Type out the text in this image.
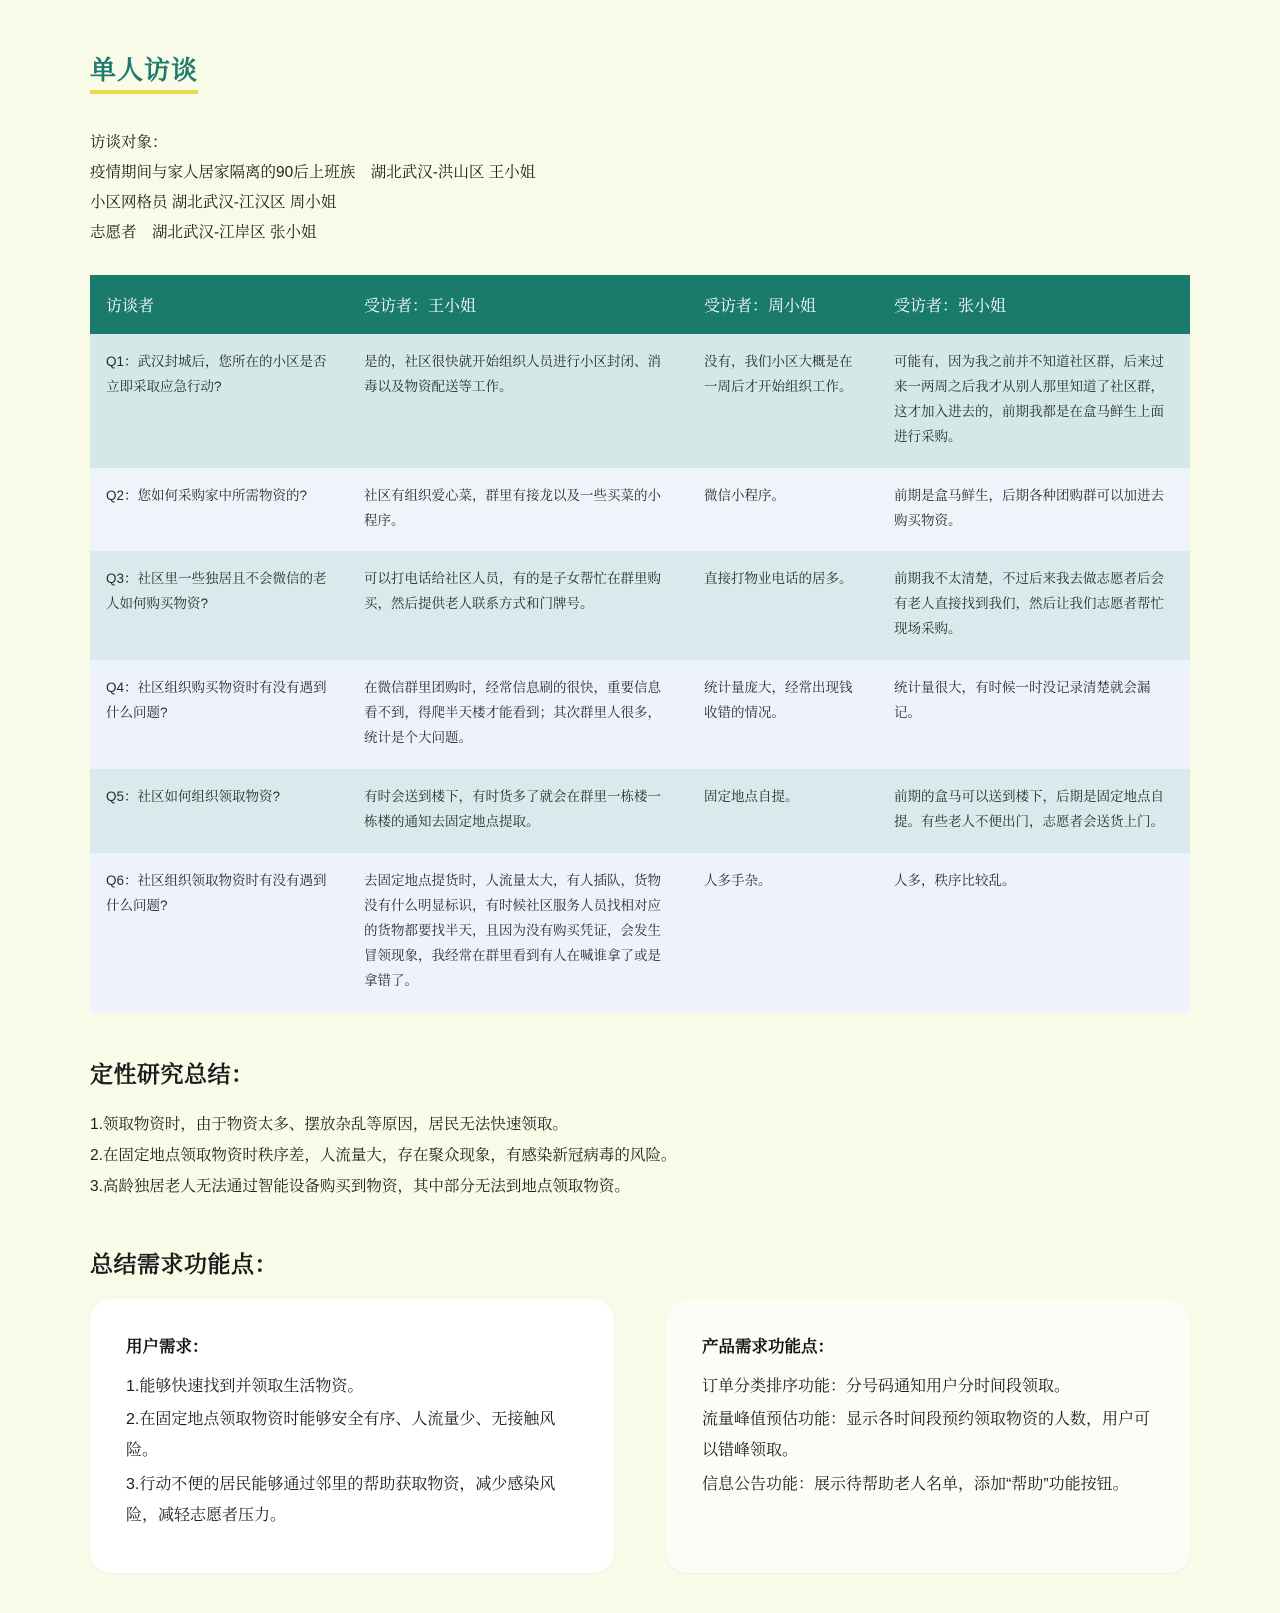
单人访谈
访谈对象：
疫情期间与家人居家隔离的90后上班族　湖北武汉-洪山区 王小姐
小区网格员 湖北武汉-江汉区 周小姐
志愿者　湖北武汉-江岸区 张小姐
访谈者	受访者：王小姐	受访者：周小姐	受访者：张小姐
Q1：武汉封城后，您所在的小区是否立即采取应急行动?	是的，社区很快就开始组织人员进行小区封闭、消毒以及物资配送等工作。	没有，我们小区大概是在一周后才开始组织工作。	可能有，因为我之前并不知道社区群，后来过来一两周之后我才从别人那里知道了社区群，这才加入进去的，前期我都是在盒马鲜生上面进行采购。
Q2：您如何采购家中所需物资的?	社区有组织爱心菜，群里有接龙以及一些买菜的小程序。	微信小程序。	前期是盒马鲜生，后期各种团购群可以加进去购买物资。
Q3：社区里一些独居且不会微信的老人如何购买物资?	可以打电话给社区人员，有的是子女帮忙在群里购买，然后提供老人联系方式和门牌号。	直接打物业电话的居多。	前期我不太清楚，不过后来我去做志愿者后会有老人直接找到我们，然后让我们志愿者帮忙现场采购。
Q4：社区组织购买物资时有没有遇到什么问题?	在微信群里团购时，经常信息刷的很快，重要信息看不到，得爬半天楼才能看到；其次群里人很多，统计是个大问题。	统计量庞大，经常出现钱收错的情况。	统计量很大，有时候一时没记录清楚就会漏记。
Q5：社区如何组织领取物资?	有时会送到楼下，有时货多了就会在群里一栋楼一栋楼的通知去固定地点提取。	固定地点自提。	前期的盒马可以送到楼下，后期是固定地点自提。有些老人不便出门，志愿者会送货上门。
Q6：社区组织领取物资时有没有遇到什么问题?	去固定地点提货时，人流量太大，有人插队，货物没有什么明显标识，有时候社区服务人员找相对应的货物都要找半天，且因为没有购买凭证，会发生冒领现象，我经常在群里看到有人在喊谁拿了或是拿错了。	人多手杂。	人多，秩序比较乱。
定性研究总结：

1.领取物资时，由于物资太多、摆放杂乱等原因，居民无法快速领取。

2.在固定地点领取物资时秩序差，人流量大，存在聚众现象，有感染新冠病毒的风险。

3.高龄独居老人无法通过智能设备购买到物资，其中部分无法到地点领取物资。

总结需求功能点：
用户需求：

1.能够快速找到并领取生活物资。

2.在固定地点领取物资时能够安全有序、人流量少、无接触风险。

3.行动不便的居民能够通过邻里的帮助获取物资，减少感染风险，减轻志愿者压力。

产品需求功能点：

订单分类排序功能：分号码通知用户分时间段领取。

流量峰值预估功能：显示各时间段预约领取物资的人数，用户可以错峰领取。

信息公告功能：展示待帮助老人名单，添加“帮助”功能按钮。
